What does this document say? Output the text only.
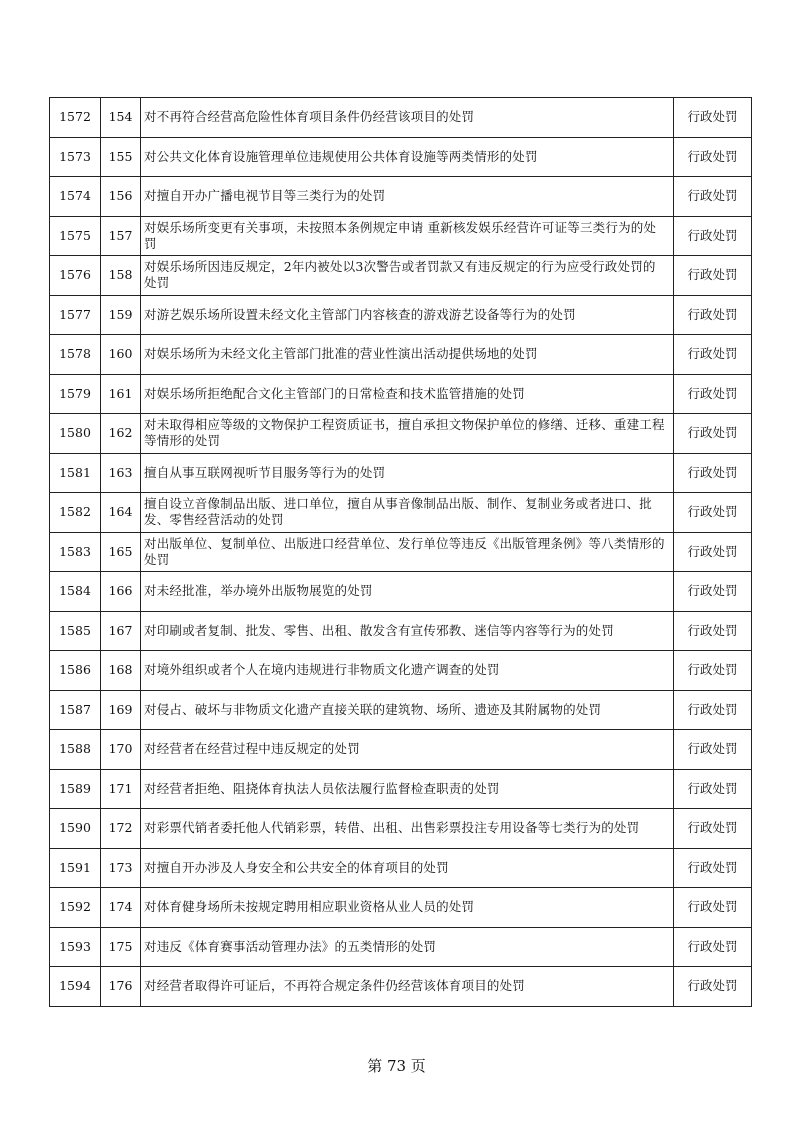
1572	154	对不再符合经营高危险性体育项目条件仍经营该项目的处罚	行政处罚
1573	155	对公共文化体育设施管理单位违规使用公共体育设施等两类情形的处罚	行政处罚
1574	156	对擅自开办广播电视节目等三类行为的处罚	行政处罚
1575	157	对娱乐场所变更有关事项，未按照本条例规定申请 重新核发娱乐经营许可证等三类行为的处罚	行政处罚
1576	158	对娱乐场所因违反规定，2年内被处以3次警告或者罚款又有违反规定的行为应受行政处罚的处罚	行政处罚
1577	159	对游艺娱乐场所设置未经文化主管部门内容核查的游戏游艺设备等行为的处罚	行政处罚
1578	160	对娱乐场所为未经文化主管部门批准的营业性演出活动提供场地的处罚	行政处罚
1579	161	对娱乐场所拒绝配合文化主管部门的日常检查和技术监管措施的处罚	行政处罚
1580	162	对未取得相应等级的文物保护工程资质证书，擅自承担文物保护单位的修缮、迁移、重建工程等情形的处罚	行政处罚
1581	163	擅自从事互联网视听节目服务等行为的处罚	行政处罚
1582	164	擅自设立音像制品出版、进口单位，擅自从事音像制品出版、制作、复制业务或者进口、批发、零售经营活动的处罚	行政处罚
1583	165	对出版单位、复制单位、出版进口经营单位、发行单位等违反《出版管理条例》等八类情形的处罚	行政处罚
1584	166	对未经批准，举办境外出版物展览的处罚	行政处罚
1585	167	对印刷或者复制、批发、零售、出租、散发含有宣传邪教、迷信等内容等行为的处罚	行政处罚
1586	168	对境外组织或者个人在境内违规进行非物质文化遗产调查的处罚	行政处罚
1587	169	对侵占、破坏与非物质文化遗产直接关联的建筑物、场所、遗迹及其附属物的处罚	行政处罚
1588	170	对经营者在经营过程中违反规定的处罚	行政处罚
1589	171	对经营者拒绝、阻挠体育执法人员依法履行监督检查职责的处罚	行政处罚
1590	172	对彩票代销者委托他人代销彩票，转借、出租、出售彩票投注专用设备等七类行为的处罚	行政处罚
1591	173	对擅自开办涉及人身安全和公共安全的体育项目的处罚	行政处罚
1592	174	对体育健身场所未按规定聘用相应职业资格从业人员的处罚	行政处罚
1593	175	对违反《体育赛事活动管理办法》的五类情形的处罚	行政处罚
1594	176	对经营者取得许可证后，不再符合规定条件仍经营该体育项目的处罚	行政处罚
第 73 页
